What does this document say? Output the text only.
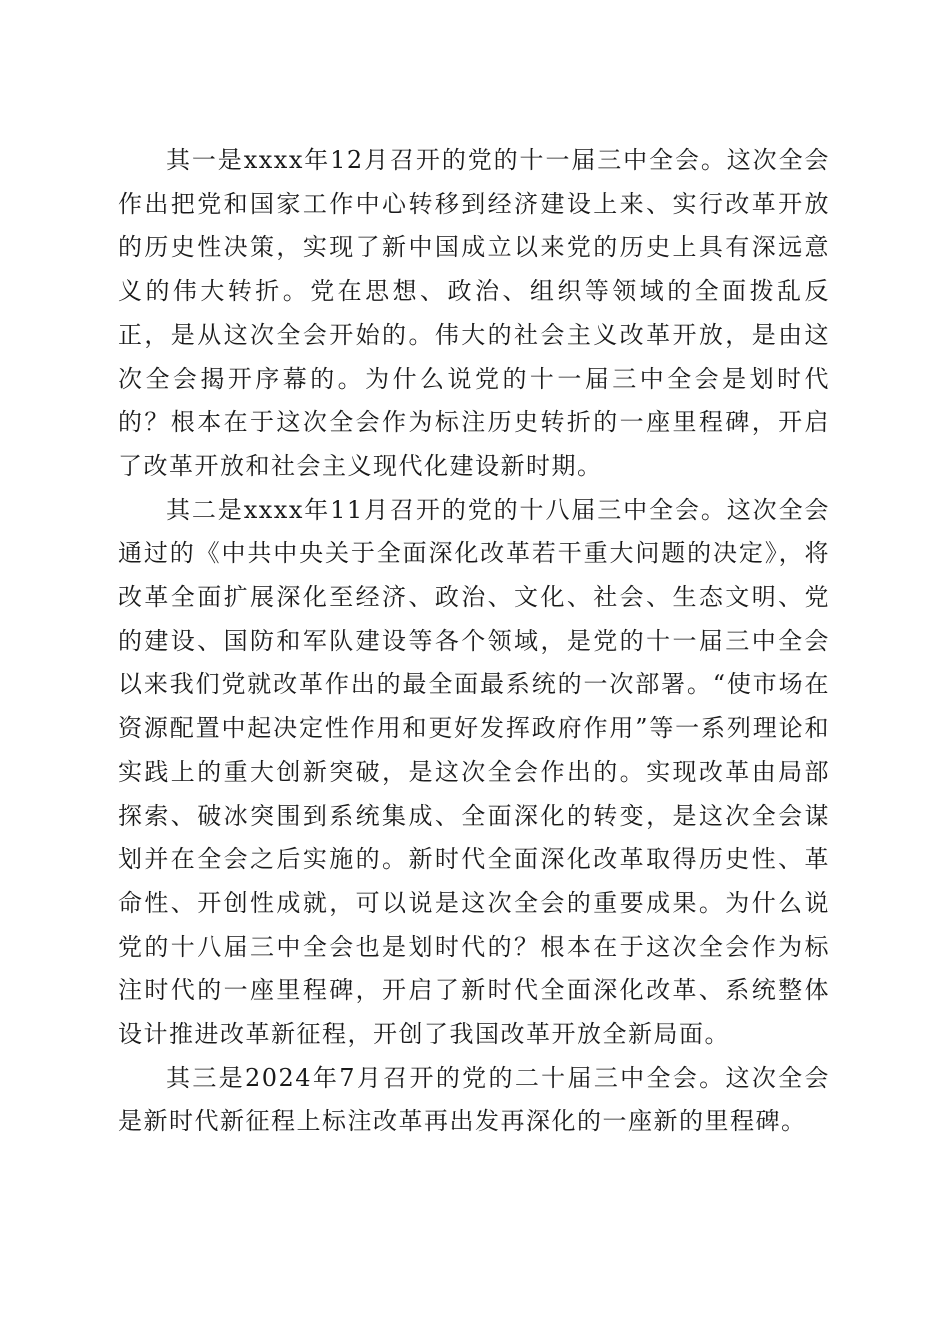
其一是xxxx年12月召开的党的十一届三中全会。这次全会作出把党和国家工作中心转移到经济建设上来、实行改革开放的历史性决策，实现了新中国成立以来党的历史上具有深远意义的伟大转折。党在思想、政治、组织等领域的全面拨乱反正，是从这次全会开始的。伟大的社会主义改革开放，是由这次全会揭开序幕的。为什么说党的十一届三中全会是划时代的？根本在于这次全会作为标注历史转折的一座里程碑，开启了改革开放和社会主义现代化建设新时期。

其二是xxxx年11月召开的党的十八届三中全会。这次全会通过的《中共中央关于全面深化改革若干重大问题的决定》，将改革全面扩展深化至经济、政治、文化、社会、生态文明、党的建设、国防和军队建设等各个领域，是党的十一届三中全会以来我们党就改革作出的最全面最系统的一次部署。“使市场在资源配置中起决定性作用和更好发挥政府作用”等一系列理论和实践上的重大创新突破，是这次全会作出的。实现改革由局部探索、破冰突围到系统集成、全面深化的转变，是这次全会谋划并在全会之后实施的。新时代全面深化改革取得历史性、革命性、开创性成就，可以说是这次全会的重要成果。为什么说党的十八届三中全会也是划时代的？根本在于这次全会作为标注时代的一座里程碑，开启了新时代全面深化改革、系统整体设计推进改革新征程，开创了我国改革开放全新局面。

其三是2024年7月召开的党的二十届三中全会。这次全会是新时代新征程上标注改革再出发再深化的一座新的里程碑。
